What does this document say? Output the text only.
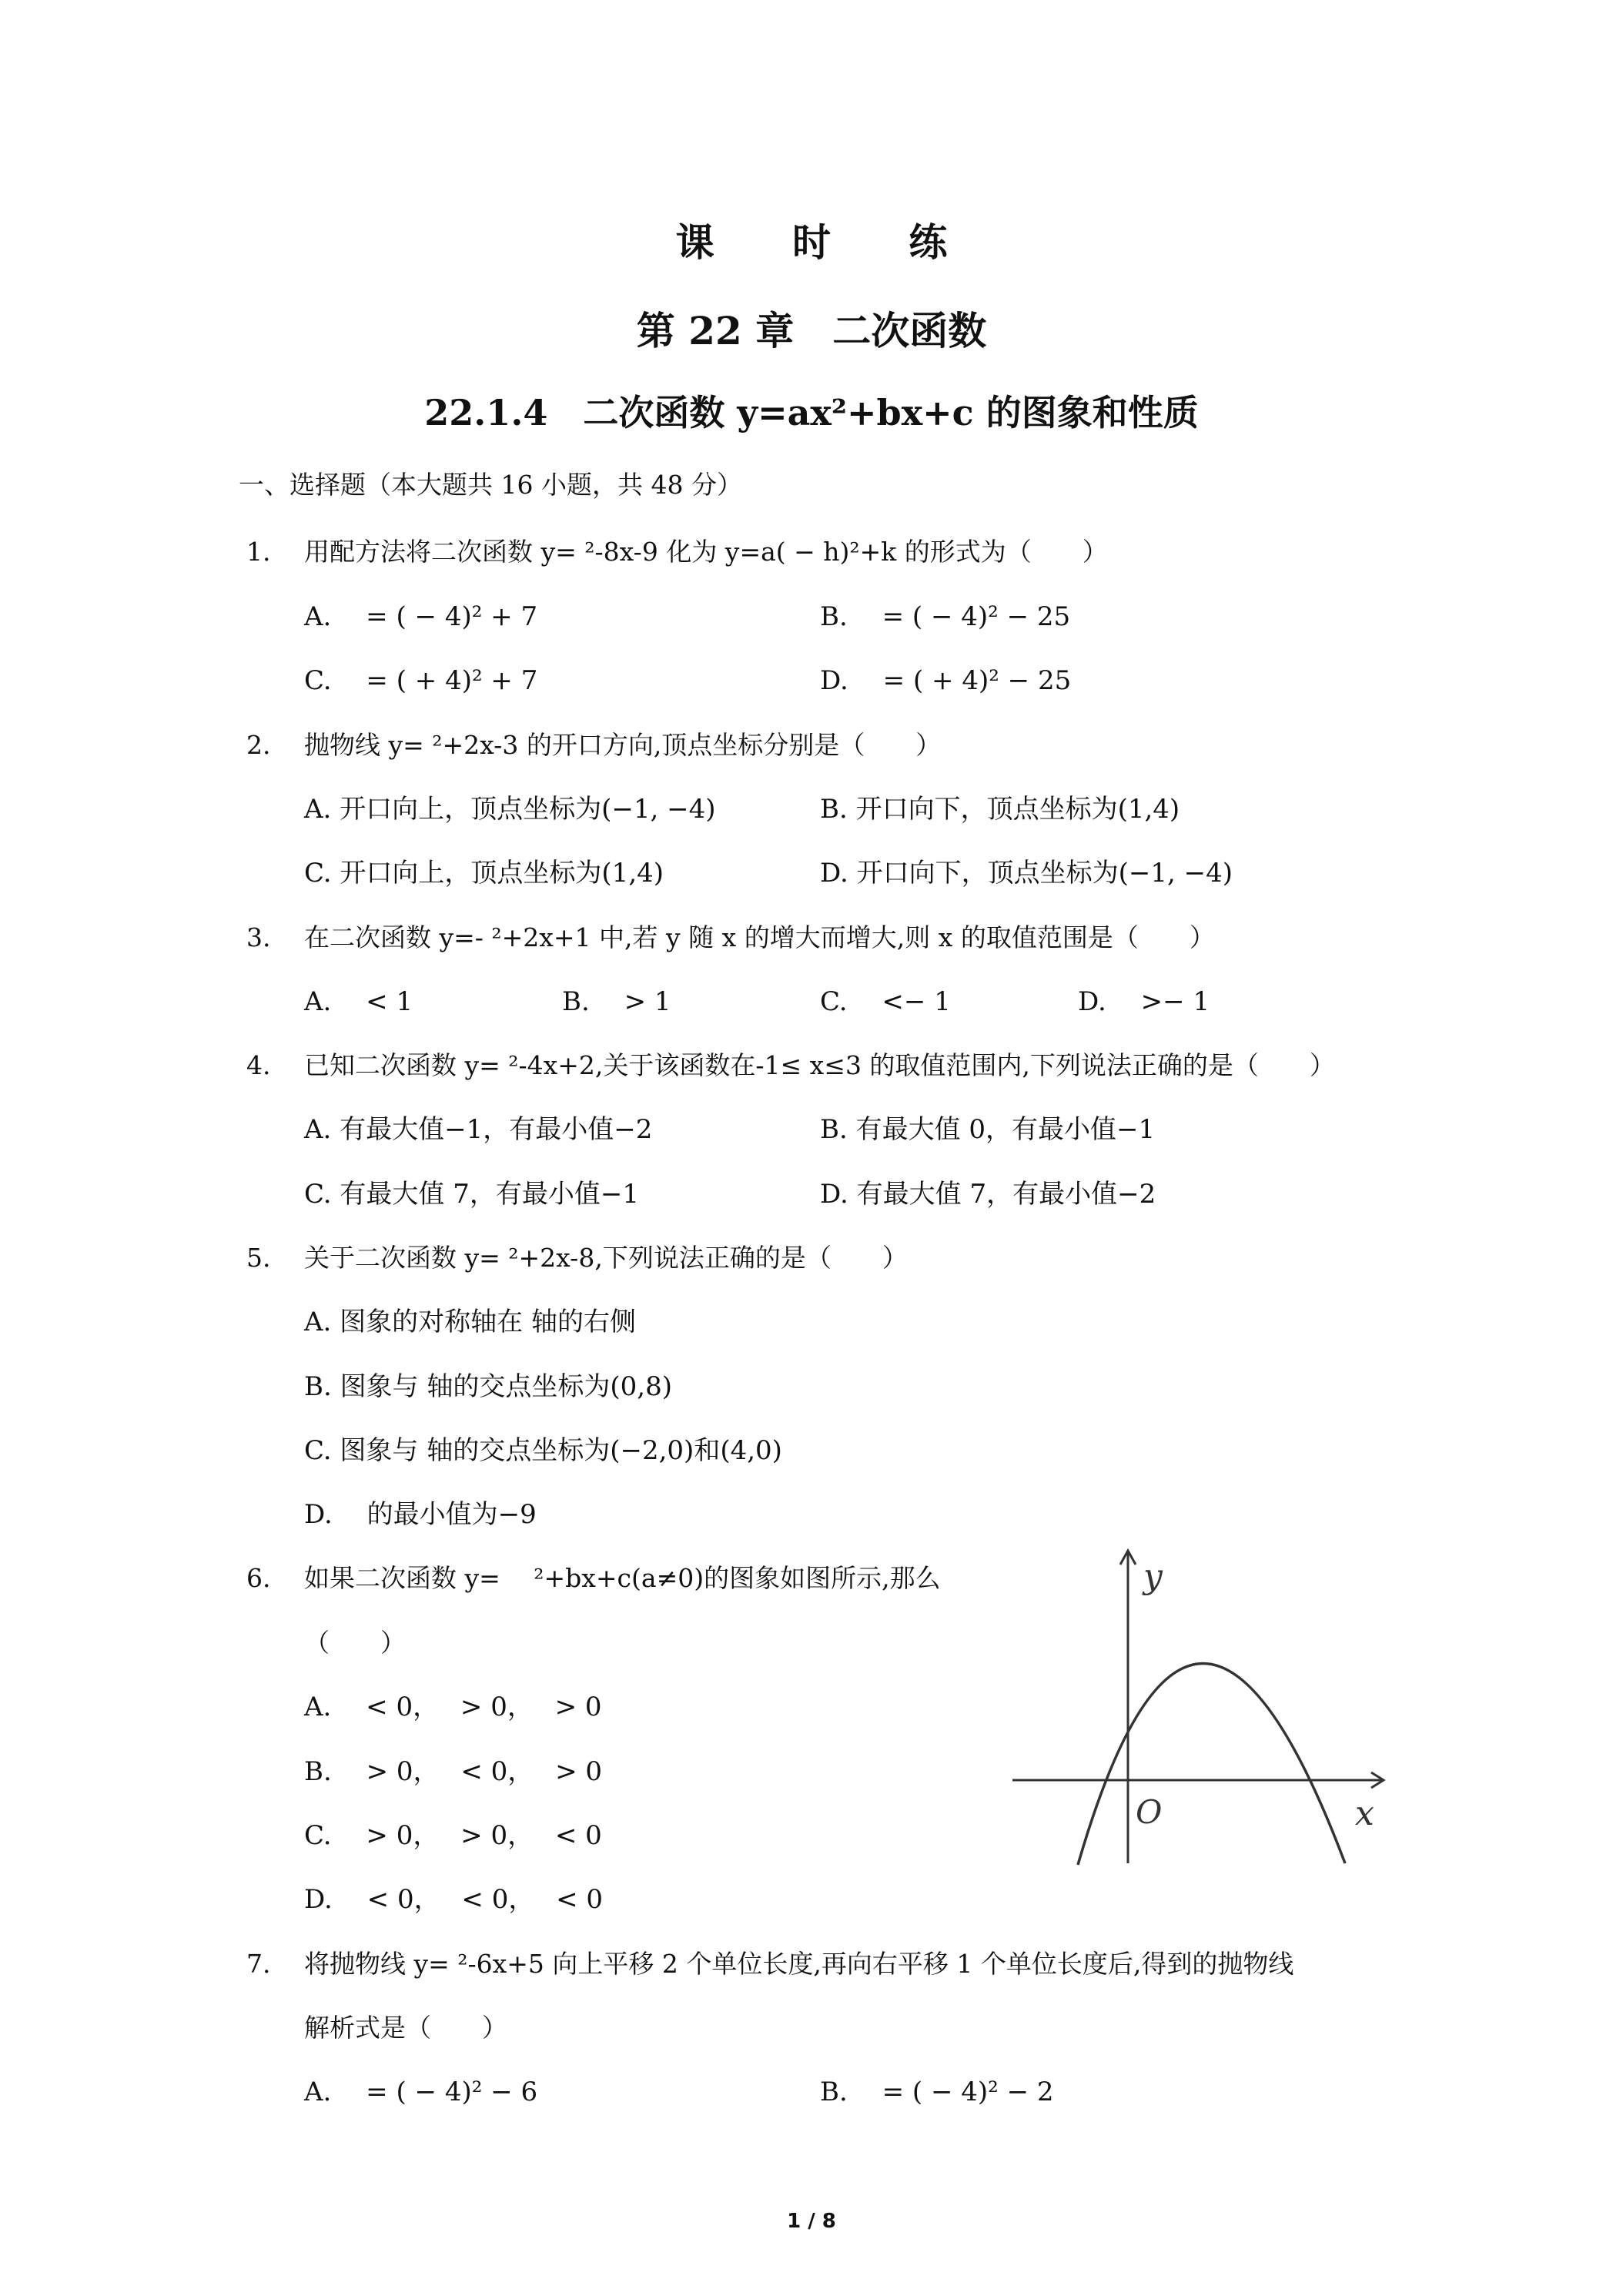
课 时 练
第 22 章　二次函数
22.1.4　二次函数 y=ax²+bx+c 的图象和性质
一、选择题（本大题共 16 小题，共 48 分）
1. 用配方法将二次函数 y= ²-8x-9 化为 y=a( − h)²+k 的形式为（　　）
A.　 = ( − 4)² + 7	B.　 = ( − 4)² − 25
C.　 = ( + 4)² + 7	D.　 = ( + 4)² − 25
2. 抛物线 y= ²+2x-3 的开口方向,顶点坐标分别是（　　）
A. 开口向上，顶点坐标为(−1, −4)	B. 开口向下，顶点坐标为(1,4)
C. 开口向上，顶点坐标为(1,4)	D. 开口向下，顶点坐标为(−1, −4)
3. 在二次函数 y=- ²+2x+1 中,若 y 随 x 的增大而增大,则 x 的取值范围是（　　）
A.　 < 1	B.　 > 1	C.　 <− 1	D.　 >− 1
4. 已知二次函数 y= ²-4x+2,关于该函数在-1≤ x≤3 的取值范围内,下列说法正确的是（　　）
A. 有最大值−1，有最小值−2	B. 有最大值 0，有最小值−1
C. 有最大值 7，有最小值−1	D. 有最大值 7，有最小值−2
5. 关于二次函数 y= ²+2x-8,下列说法正确的是（　　）
A. 图象的对称轴在 轴的右侧
B. 图象与 轴的交点坐标为(0,8)
C. 图象与 轴的交点坐标为(−2,0)和(4,0)
D.　 的最小值为−9
6. 如果二次函数 y=　 ²+bx+c(a≠0)的图象如图所示,那么
（　　）
A.　 < 0，　 > 0，　 > 0
B.　 > 0，　 < 0，　 > 0
C.　 > 0，　 > 0，　 < 0
D.　 < 0，　 < 0，　 < 0
y
x
O
7. 将抛物线 y= ²-6x+5 向上平移 2 个单位长度,再向右平移 1 个单位长度后,得到的抛物线
解析式是（　　）
A.　 = ( − 4)² − 6	B.　 = ( − 4)² − 2
1 / 8
